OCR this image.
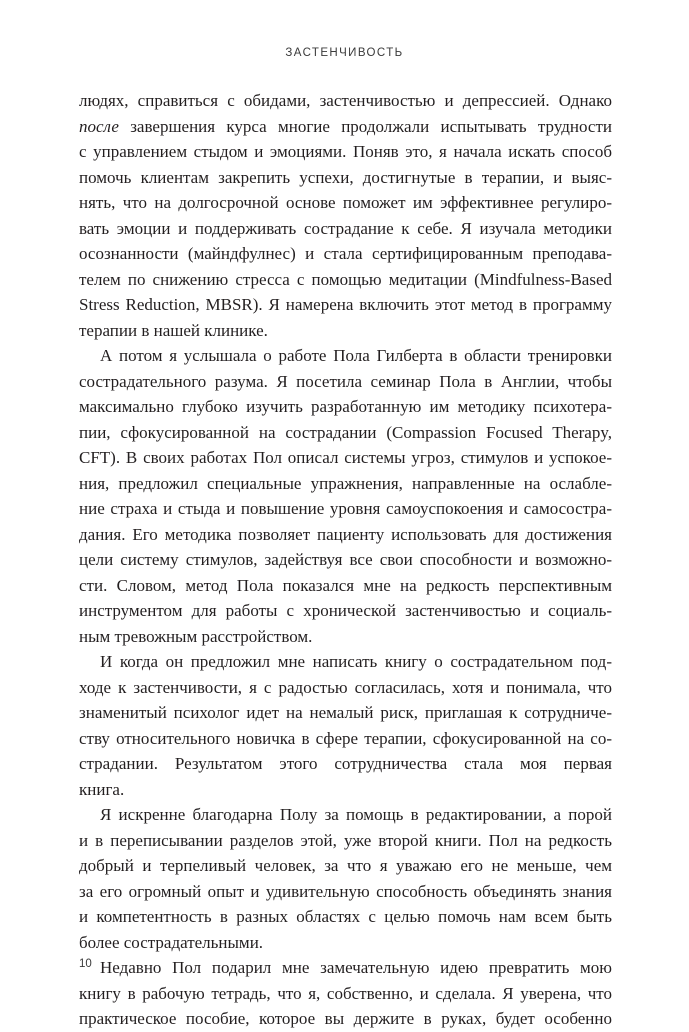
ЗАСТЕНЧИВОСТЬ

людях, справиться с обидами, застенчивостью и депрессией. Однако
после завершения курса многие продолжали испытывать трудности
с управлением стыдом и эмоциями. Поняв это, я начала искать способ
помочь клиентам закрепить успехи, достигнутые в терапии, и выяс-
нять, что на долгосрочной основе поможет им эффективнее регулиро-
вать эмоции и поддерживать сострадание к себе. Я изучала методики
осознанности (майндфулнес) и стала сертифицированным преподава-
телем по снижению стресса с помощью медитации (Mindfulness-Based
Stress Reduction, MBSR). Я намерена включить этот метод в программу
терапии в нашей клинике.

А потом я услышала о работе Пола Гилберта в области тренировки
сострадательного разума. Я посетила семинар Пола в Англии, чтобы
максимально глубоко изучить разработанную им методику психотера-
пии, сфокусированной на сострадании (Compassion Focused Therapy,
CFT). В своих работах Пол описал системы угроз, стимулов и успокое-
ния, предложил специальные упражнения, направленные на ослабле-
ние страха и стыда и повышение уровня самоуспокоения и самосостра-
дания. Его методика позволяет пациенту использовать для достижения
цели систему стимулов, задействуя все свои способности и возможно-
сти. Словом, метод Пола показался мне на редкость перспективным
инструментом для работы с хронической застенчивостью и социаль-
ным тревожным расстройством.

И когда он предложил мне написать книгу о сострадательном под-
ходе к застенчивости, я с радостью согласилась, хотя и понимала, что
знаменитый психолог идет на немалый риск, приглашая к сотрудниче-
ству относительного новичка в сфере терапии, сфокусированной на со-
страдании. Результатом этого сотрудничества стала моя первая
книга.

Я искренне благодарна Полу за помощь в редактировании, а порой
и в переписывании разделов этой, уже второй книги. Пол на редкость
добрый и терпеливый человек, за что я уважаю его не меньше, чем
за его огромный опыт и удивительную способность объединять знания
и компетентность в разных областях с целью помочь нам всем быть
более сострадательными.

Недавно Пол подарил мне замечательную идею превратить мою
книгу в рабочую тетрадь, что я, собственно, и сделала. Я уверена, что
практическое пособие, которое вы держите в руках, будет особенно

10
